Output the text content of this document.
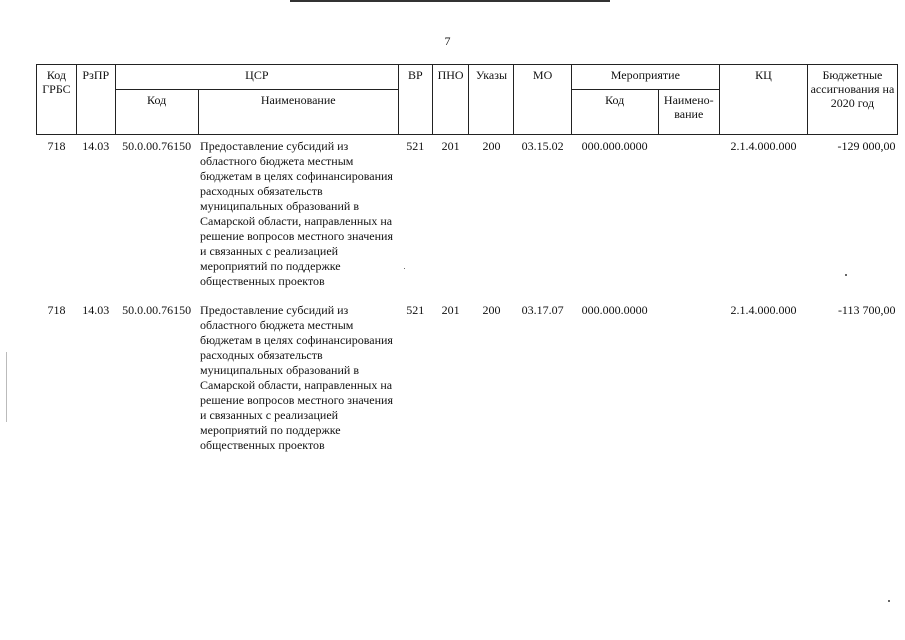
7
Код ГРБС	РзПР	ЦСР		ВР	ПНО	Указы	МО	Мероприятие		КЦ	Бюджетные ассигнования на 2020 год
		Код	Наименование					Код	Наимено-вание		
718	14.03	50.0.00.76150	Предоставление субсидий из областного бюджета местным бюджетам в целях софинансирования расходных обязательств муниципальных образований в Самарской области, направленных на решение вопросов местного значения и связанных с реализацией мероприятий по поддержке общественных проектов	521	201	200	03.15.02	000.000.0000		2.1.4.000.000	-129 000,00
718	14.03	50.0.00.76150	Предоставление субсидий из областного бюджета местным бюджетам в целях софинансирования расходных обязательств муниципальных образований в Самарской области, направленных на решение вопросов местного значения и связанных с реализацией мероприятий по поддержке общественных проектов	521	201	200	03.17.07	000.000.0000		2.1.4.000.000	-113 700,00
